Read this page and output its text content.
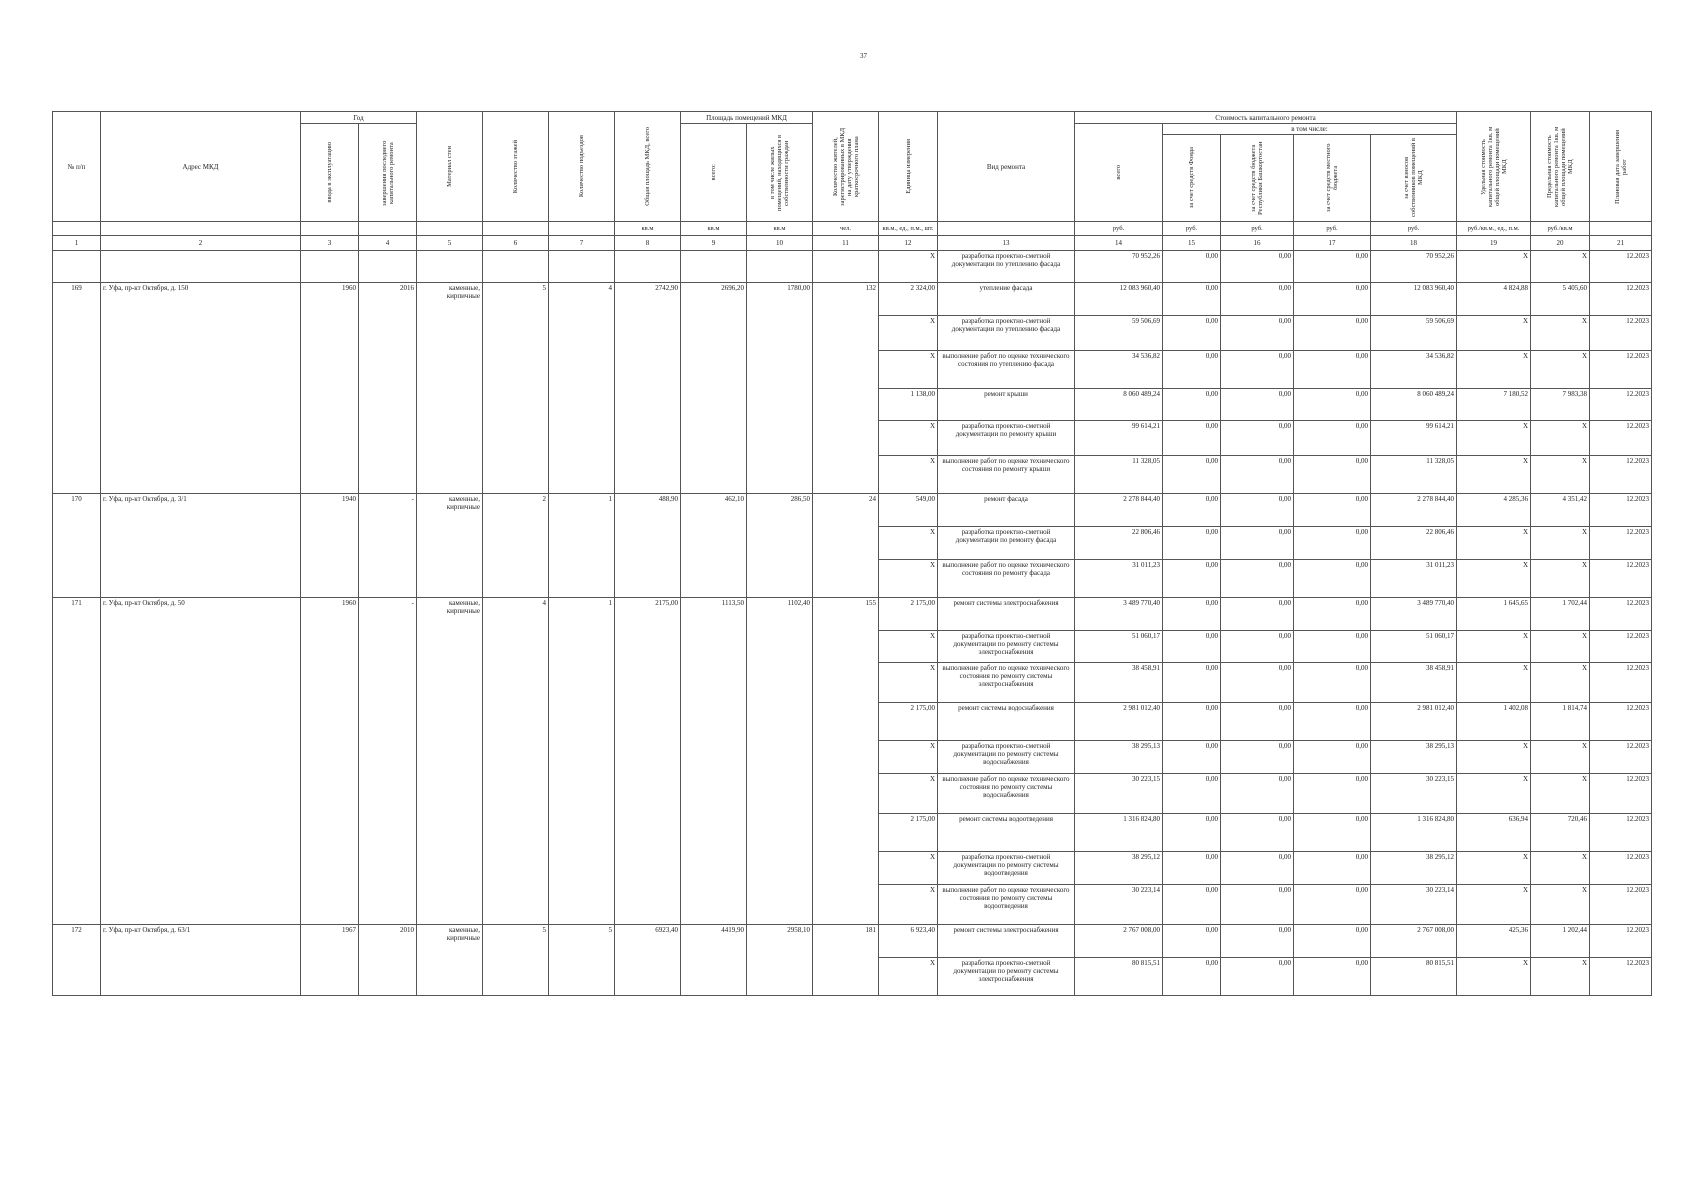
37
№ п/п	Адрес МКД	Год		Материал стен	Количество этажей	Количество подъездов	Общая площадь МКД, всего	Площадь помещений МКД		Количество жителей, зарегистрированных в МКД на дату утверждения краткосрочного плана	Единица измерения	Вид ремонта	Стоимость капитального ремонта					Удельная стоимость капитального ремонта 1кв. м общей площади помещений МКД	Предельная стоимость капитального ремонта 1кв. м общей площади помещений МКД	Плановая дата завершения работ

		ввода в эксплуатацию	завершения последнего капитального ремонта					всего:	в том числе жилых помещений, находящихся в собственности граждан				всего	в том числе:						

														за счет средств Фонда	за счет средств бюджета Республики Башкортостан	за счет средств местного бюджета	за счет взносов собственников помещений в МКД			

							кв.м	кв.м	кв.м	чел.	кв.м., ед., п.м., шт.		руб.	руб.	руб.	руб.	руб.	руб./кв.м., ед., п.м.	руб./кв.м	
1	2	3	4	5	6	7	8	9	10	11	12	13	14	15	16	17	18	19	20	21
											X	разработка проектно-сметной документации по утеплению фасада	70 952,26	0,00	0,00	0,00	70 952,26	X	X	12.2023
169	г. Уфа, пр-кт Октября, д. 150	1960	2016	каменные, кирпичные	5	4	2742,90	2696,20	1780,00	132	2 324,00	утепление фасада	12 083 960,40	0,00	0,00	0,00	12 083 960,40	4 824,88	5 405,60	12.2023
											X	разработка проектно-сметной документации по утеплению фасада	59 506,69	0,00	0,00	0,00	59 506,69	X	X	12.2023
											X	выполнение работ по оценке технического состояния по утеплению фасада	34 536,82	0,00	0,00	0,00	34 536,82	X	X	12.2023
											1 138,00	ремонт крыши	8 060 489,24	0,00	0,00	0,00	8 060 489,24	7 180,52	7 983,38	12.2023
											X	разработка проектно-сметной документации по ремонту крыши	99 614,21	0,00	0,00	0,00	99 614,21	X	X	12.2023
											X	выполнение работ по оценке технического состояния по ремонту крыши	11 328,05	0,00	0,00	0,00	11 328,05	X	X	12.2023
170	г. Уфа, пр-кт Октября, д. 3/1	1940	-	каменные, кирпичные	2	1	488,90	462,10	286,50	24	549,00	ремонт фасада	2 278 844,40	0,00	0,00	0,00	2 278 844,40	4 285,36	4 351,42	12.2023
											X	разработка проектно-сметной документации по ремонту фасада	22 806,46	0,00	0,00	0,00	22 806,46	X	X	12.2023
											X	выполнение работ по оценке технического состояния по ремонту фасада	31 011,23	0,00	0,00	0,00	31 011,23	X	X	12.2023
171	г. Уфа, пр-кт Октября, д. 50	1960	-	каменные, кирпичные	4	1	2175,00	1113,50	1102,40	155	2 175,00	ремонт системы электроснабжения	3 489 770,40	0,00	0,00	0,00	3 489 770,40	1 645,65	1 702,44	12.2023
											X	разработка проектно-сметной документации по ремонту системы электроснабжения	51 060,17	0,00	0,00	0,00	51 060,17	X	X	12.2023
											X	выполнение работ по оценке технического состояния по ремонту системы электроснабжения	38 458,91	0,00	0,00	0,00	38 458,91	X	X	12.2023
											2 175,00	ремонт системы водоснабжения	2 981 012,40	0,00	0,00	0,00	2 981 012,40	1 402,08	1 814,74	12.2023
											X	разработка проектно-сметной документации по ремонту системы водоснабжения	38 295,13	0,00	0,00	0,00	38 295,13	X	X	12.2023
											X	выполнение работ по оценке технического состояния по ремонту системы водоснабжения	30 223,15	0,00	0,00	0,00	30 223,15	X	X	12.2023
											2 175,00	ремонт системы водоотведения	1 316 824,80	0,00	0,00	0,00	1 316 824,80	636,94	720,46	12.2023
											X	разработка проектно-сметной документации по ремонту системы водоотведения	38 295,12	0,00	0,00	0,00	38 295,12	X	X	12.2023
											X	выполнение работ по оценке технического состояния по ремонту системы водоотведения	30 223,14	0,00	0,00	0,00	30 223,14	X	X	12.2023
172	г. Уфа, пр-кт Октября, д. 63/1	1967	2010	каменные, кирпичные	5	5	6923,40	4419,90	2958,10	181	6 923,40	ремонт системы электроснабжения	2 767 008,00	0,00	0,00	0,00	2 767 008,00	425,36	1 202,44	12.2023
											X	разработка проектно-сметной документации по ремонту системы электроснабжения	80 815,51	0,00	0,00	0,00	80 815,51	X	X	12.2023
